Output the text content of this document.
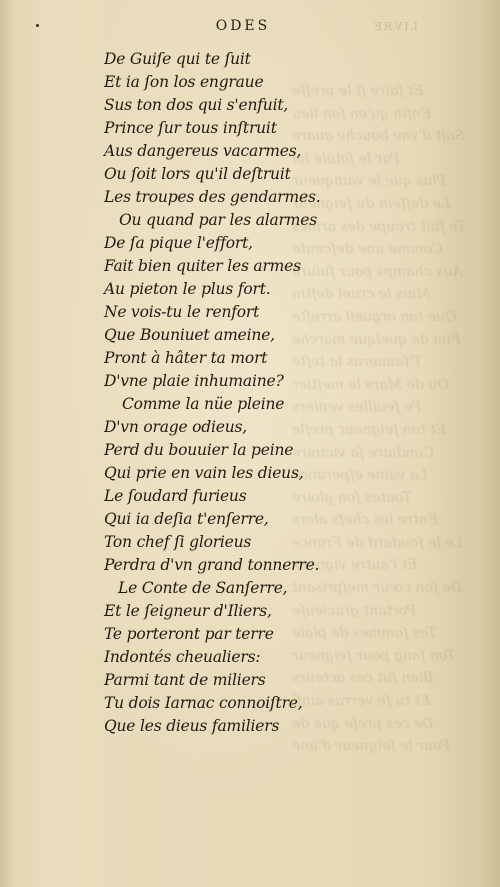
LIVRE
Et faire ſi le preſſe
Enfin qu'en ſon lieu
Suit d'vne bouche auare
Par le fatale loi
Plus que le vainqueur
Le deſſein du ſeigneur
Te fuit troupe des armes
Comme une deſcente
Aux champs pour ſuiure
Mais le cruel deſtin
Que ton orgueil arreſte
Fini de quelque marche
T'ſauueras la teſte
Ou de Mars le meſtier
Pe feuilles veniers
Et ton ſeigneur preſle
Conduire ſa victoire
La vaine eſperance
Toutes ſon gloire
Entre les chefs alors
Le le ſoudard de France
Et l'autre vigneur
De ſon cœur meſprisant
Portant gracieuſe
Tes ſommes de plaie
Ton ſang pour ſeigneur
Bien fut ces acteurs
Et tu ſe verras ainſi
De ces preſe que de
Pour le ſeigneur d'une
ODES
De Guiſe qui te ſuit
Et ia ſon los engraue
Sus ton dos qui s'enfuit,
Prince ſur tous inſtruit
Aus dangereus vacarmes,
Ou ſoit lors qu'il deſtruit
Les troupes des gendarmes.
Ou quand par les alarmes
De ſa pique l'effort,
Fait bien quiter les armes
Au pieton le plus fort.
Ne vois-tu le renfort
Que Bouniuet ameine,
Pront à hâter ta mort
D'vne plaie inhumaine?
Comme la nüe pleine
D'vn orage odieus,
Perd du bouuier la peine
Qui prie en vain les dieus,
Le ſoudard furieus
Qui ia deſia t'enſerre,
Ton chef ſi glorieus
Perdra d'vn grand tonnerre.
Le Conte de Sanſerre,
Et le ſeigneur d'Iliers,
Te porteront par terre
Indontés cheualiers:
Parmi tant de miliers
Tu dois Iarnac connoiſtre,
Que les dieus familiers
